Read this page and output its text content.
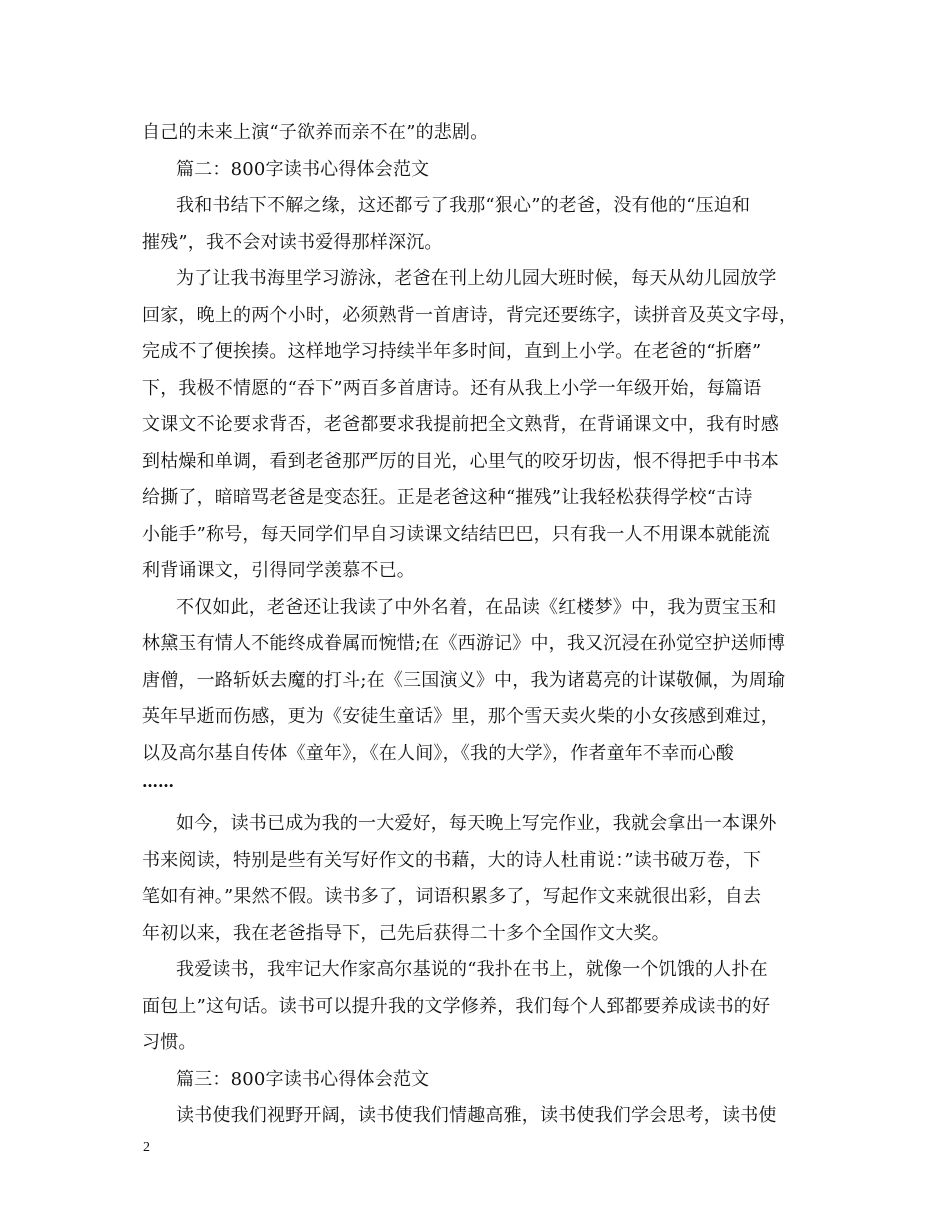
自己的未来上演“子欲养而亲不在”的悲剧。
篇二：800字读书心得体会范文
我和书结下不解之缘，这还都亏了我那“狠心”的老爸，没有他的“压迫和
摧残”，我不会对读书爱得那样深沉。
为了让我书海里学习游泳，老爸在刊上幼儿园大班时候，每天从幼儿园放学
回家，晚上的两个小时，必须熟背一首唐诗，背完还要练字，读拼音及英文字母，
完成不了便挨揍。这样地学习持续半年多时间，直到上小学。在老爸的“折磨”
下，我极不情愿的“吞下”两百多首唐诗。还有从我上小学一年级开始，每篇语
文课文不论要求背否，老爸都要求我提前把全文熟背，在背诵课文中，我有时感
到枯燥和单调，看到老爸那严厉的目光，心里气的咬牙切齿，恨不得把手中书本
给撕了，暗暗骂老爸是变态狂。正是老爸这种“摧残”让我轻松获得学校“古诗
小能手”称号，每天同学们早自习读课文结结巴巴，只有我一人不用课本就能流
利背诵课文，引得同学羡慕不已。
不仅如此，老爸还让我读了中外名着，在品读《红楼梦》中，我为贾宝玉和
林黛玉有情人不能终成眷属而惋惜;在《西游记》中，我又沉浸在孙觉空护送师博
唐僧，一路斩妖去魔的打斗;在《三国演义》中，我为诸葛亮的计谋敬佩，为周瑜
英年早逝而伤感，更为《安徒生童话》里，那个雪天卖火柴的小女孩感到难过，
以及高尔基自传体《童年》，《在人间》，《我的大学》，作者童年不幸而心酸
……
如今，读书已成为我的一大爱好，每天晚上写完作业，我就会拿出一本课外
书来阅读，特别是些有关写好作文的书藉，大的诗人杜甫说：”读书破万卷，下
笔如有神。”果然不假。读书多了，词语积累多了，写起作文来就很出彩，自去
年初以来，我在老爸指导下，己先后获得二十多个全国作文大奖。
我爱读书，我牢记大作家高尔基说的“我扑在书上，就像一个饥饿的人扑在
面包上”这句话。读书可以提升我的文学修养，我们每个人郅都要养成读书的好
习惯。
篇三：800字读书心得体会范文
读书使我们视野开阔，读书使我们情趣高雅，读书使我们学会思考，读书使
2
